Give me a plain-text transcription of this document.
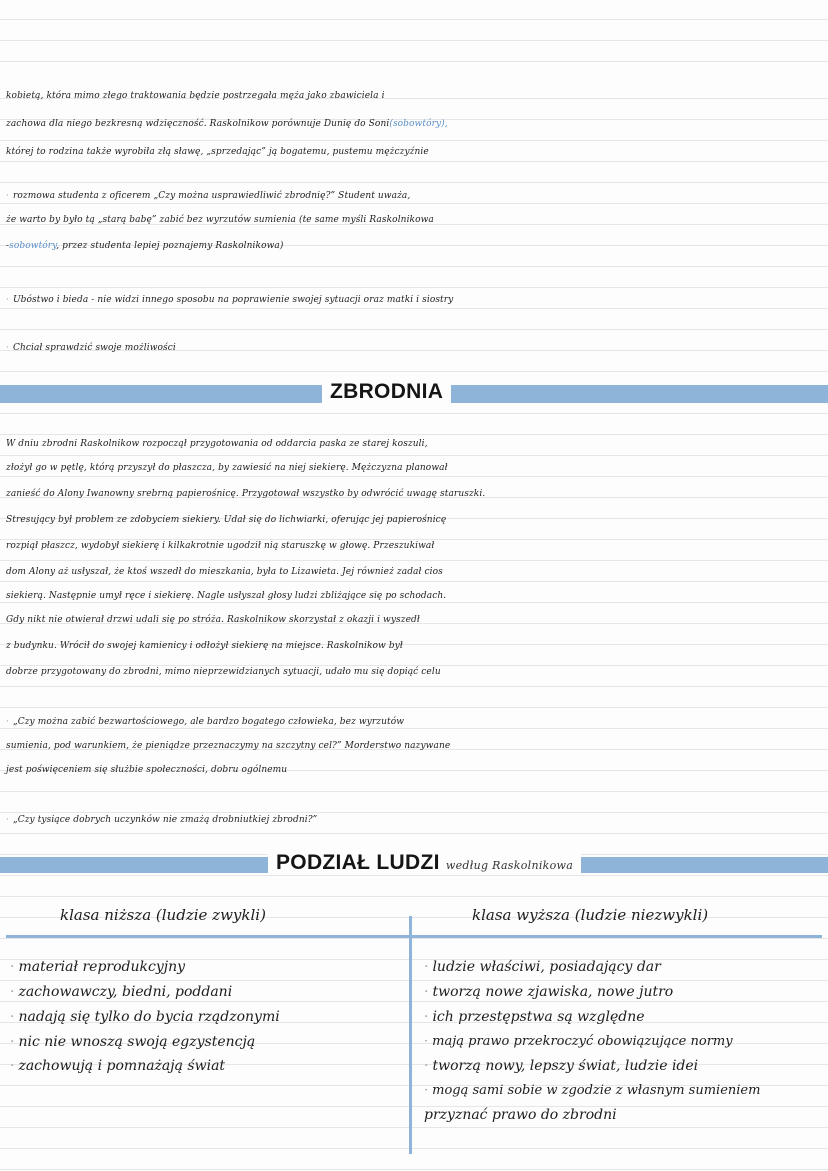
kobietą, która mimo złego traktowania będzie postrzegała męża jako zbawiciela i
zachowa dla niego bezkresną wdzięczność. Raskolnikow porównuje Dunię do Soni(sobowtóry),
której to rodzina także wyrobiła złą sławę, „sprzedając” ją bogatemu, pustemu mężczyźnie
· rozmowa studenta z oficerem „Czy można usprawiedliwić zbrodnię?” Student uważa,
że warto by było tą „starą babę” zabić bez wyrzutów sumienia (te same myśli Raskolnikowa
-sobowtóry, przez studenta lepiej poznajemy Raskolnikowa)
· Ubóstwo i bieda - nie widzi innego sposobu na poprawienie swojej sytuacji oraz matki i siostry
· Chciał sprawdzić swoje możliwości
ZBRODNIA
W dniu zbrodni Raskolnikow rozpoczął przygotowania od oddarcia paska ze starej koszuli,
złożył go w pętlę, którą przyszył do płaszcza, by zawiesić na niej siekierę. Mężczyzna planował
zanieść do Alony Iwanowny srebrną papierośnicę. Przygotował wszystko by odwrócić uwagę staruszki.
Stresujący był problem ze zdobyciem siekiery. Udał się do lichwiarki, oferując jej papierośnicę
rozpiął płaszcz, wydobył siekierę i kilkakrotnie ugodził nią staruszkę w głowę. Przeszukiwał
dom Alony aż usłyszał, że ktoś wszedł do mieszkania, była to Lizawieta. Jej również zadał cios
siekierą. Następnie umył ręce i siekierę. Nagle usłyszał głosy ludzi zbliżające się po schodach.
Gdy nikt nie otwierał drzwi udali się po stróża. Raskolnikow skorzystał z okazji i wyszedł
z budynku. Wrócił do swojej kamienicy i odłożył siekierę na miejsce. Raskolnikow był
dobrze przygotowany do zbrodni, mimo nieprzewidzianych sytuacji, udało mu się dopiąć celu
· „Czy można zabić bezwartościowego, ale bardzo bogatego człowieka, bez wyrzutów
sumienia, pod warunkiem, że pieniądze przeznaczymy na szczytny cel?” Morderstwo nazywane
jest poświęceniem się służbie społeczności, dobru ogólnemu
· „Czy tysiące dobrych uczynków nie zmażą drobniutkiej zbrodni?”
PODZIAŁ LUDZI według Raskolnikowa
klasa niższa (ludzie zwykli)	klasa wyższa (ludzie niezwykli)
· materiał reprodukcyjny
· zachowawczy, biedni, poddani
· nadają się tylko do bycia rządzonymi
· nic nie wnoszą swoją egzystencją
· zachowują i pomnażają świat
· ludzie właściwi, posiadający dar
· tworzą nowe zjawiska, nowe jutro
· ich przestępstwa są względne
· mają prawo przekroczyć obowiązujące normy
· tworzą nowy, lepszy świat, ludzie idei
· mogą sami sobie w zgodzie z własnym sumieniem
przyznać prawo do zbrodni
